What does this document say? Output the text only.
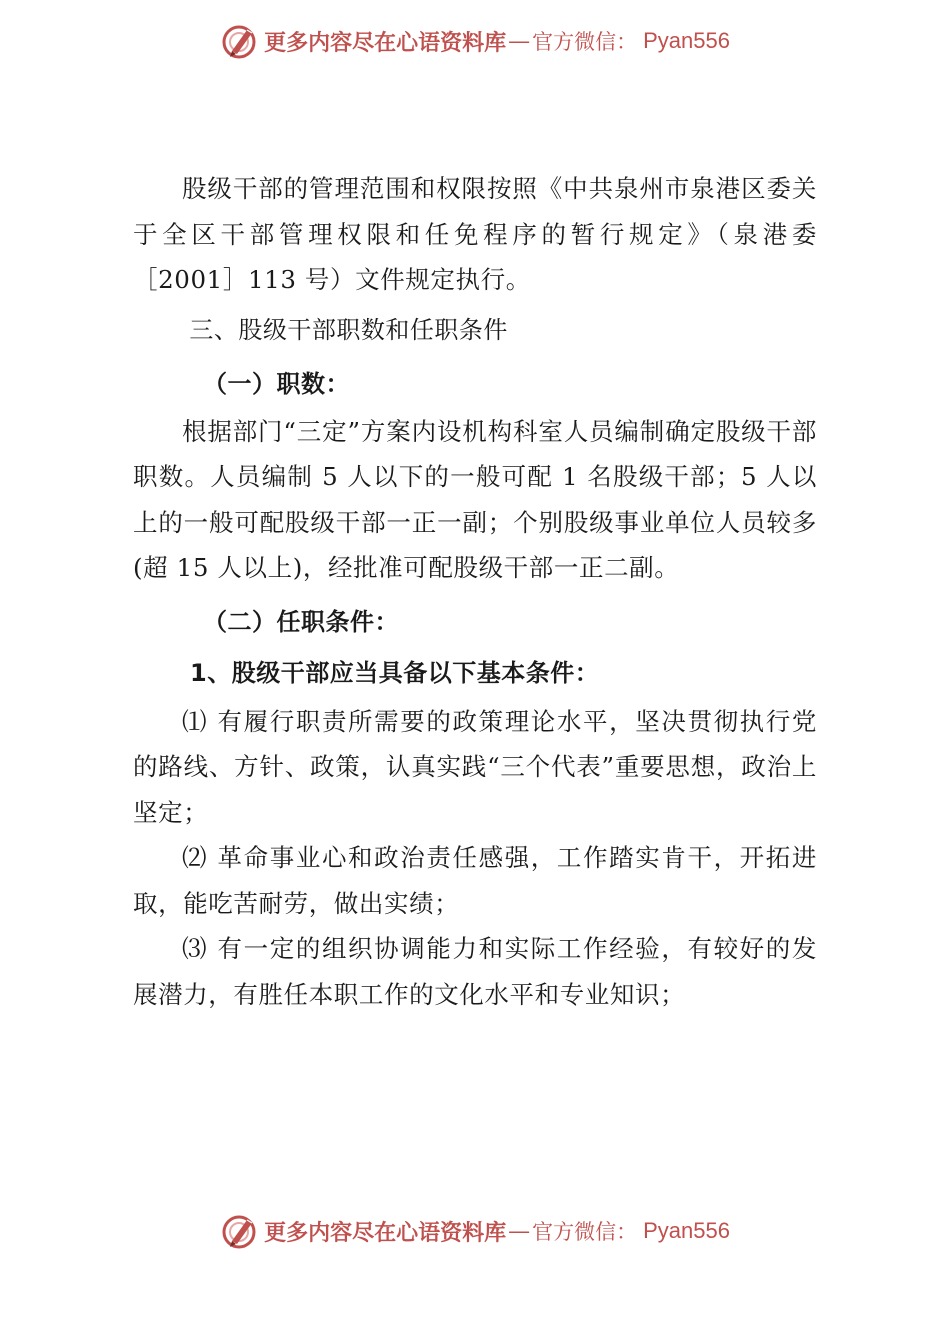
更多内容尽在心语资料库 — 官方微信： Pyan556

股级干部的管理范围和权限按照《中共泉州市泉港区委关于全区干部管理权限和任免程序的暂行规定》（泉港委［2001］113 号）文件规定执行。

三、股级干部职数和任职条件

（一）职数：

根据部门“三定”方案内设机构科室人员编制确定股级干部职数。人员编制 5 人以下的一般可配 1 名股级干部；5 人以上的一般可配股级干部一正一副；个别股级事业单位人员较多(超 15 人以上)，经批准可配股级干部一正二副。

（二）任职条件：

1、股级干部应当具备以下基本条件：

⑴ 有履行职责所需要的政策理论水平，坚决贯彻执行党的路线、方针、政策，认真实践“三个代表”重要思想，政治上坚定；

⑵ 革命事业心和政治责任感强，工作踏实肯干，开拓进取，能吃苦耐劳，做出实绩；

⑶ 有一定的组织协调能力和实际工作经验，有较好的发展潜力，有胜任本职工作的文化水平和专业知识；

更多内容尽在心语资料库 — 官方微信： Pyan556
